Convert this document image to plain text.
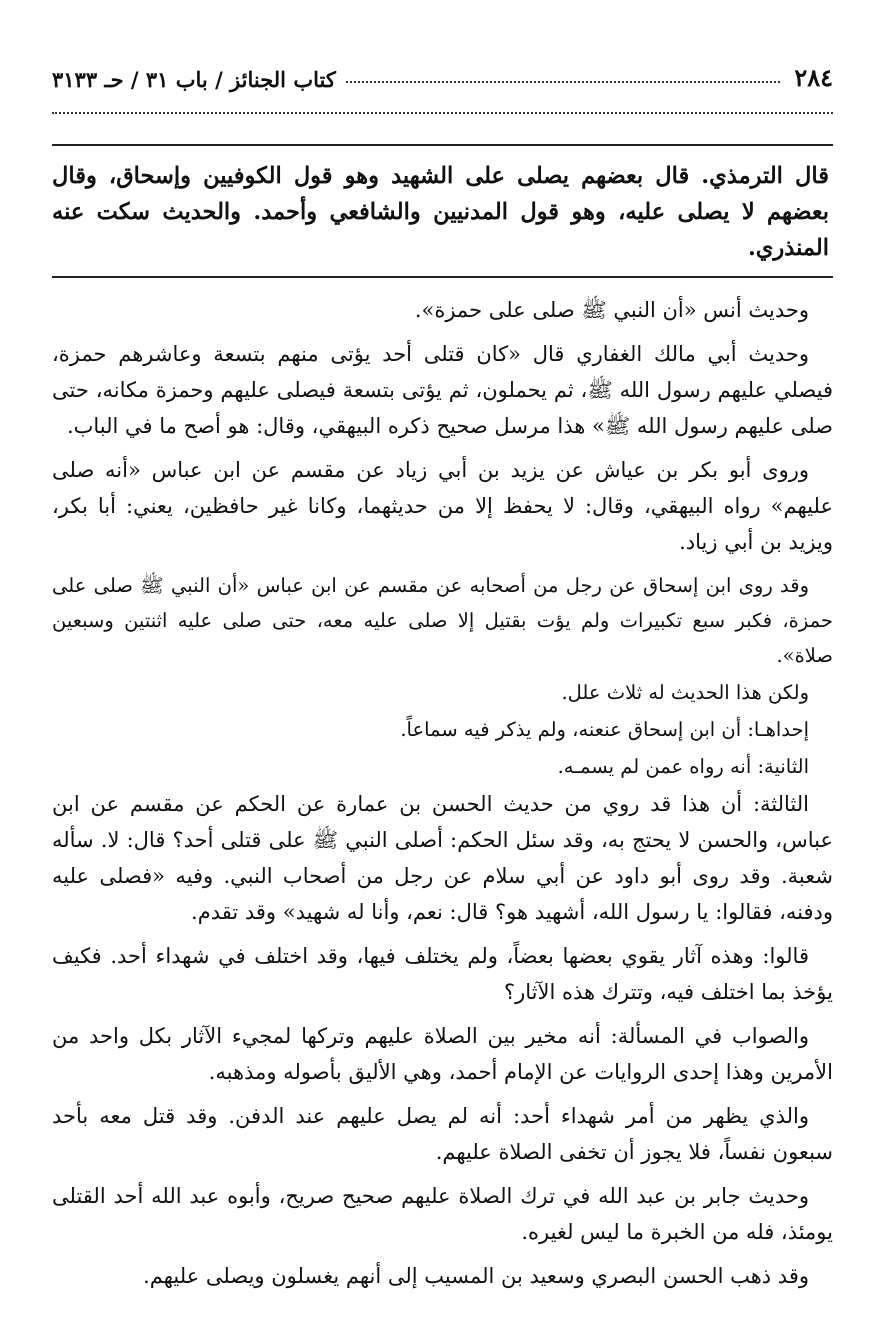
٢٨٤
كتاب الجنائز / باب ٣١ / حـ ٣١٣٣
قال الترمذي. قال بعضهم يصلى على الشهيد وهو قول الكوفيين وإسحاق، وقال بعضهم لا يصلى عليه، وهو قول المدنيين والشافعي وأحمد. والحديث سكت عنه المنذري.

وحديث أنس «أن النبي ﷺ صلى على حمزة».

وحديث أبي مالك الغفاري قال «كان قتلى أحد يؤتى منهم بتسعة وعاشرهم حمزة، فيصلي عليهم رسول الله ﷺ، ثم يحملون، ثم يؤتى بتسعة فيصلى عليهم وحمزة مكانه، حتى صلى عليهم رسول الله ﷺ» هذا مرسل صحيح ذكره البيهقي، وقال: هو أصح ما في الباب.

وروى أبو بكر بن عياش عن يزيد بن أبي زياد عن مقسم عن ابن عباس «أنه صلى عليهم» رواه البيهقي، وقال: لا يحفظ إلا من حديثهما، وكانا غير حافظين، يعني: أبا بكر، ويزيد بن أبي زياد.

وقد روى ابن إسحاق عن رجل من أصحابه عن مقسم عن ابن عباس «أن النبي ﷺ صلى على حمزة، فكبر سبع تكبيرات ولم يؤت بقتيل إلا صلى عليه معه، حتى صلى عليه اثنتين وسبعين صلاة».

ولكن هذا الحديث له ثلاث علل.

إحداهـا: أن ابن إسحاق عنعنه، ولم يذكر فيه سماعاً.

الثانية: أنه رواه عمن لم يسمـه.

الثالثة: أن هذا قد روي من حديث الحسن بن عمارة عن الحكم عن مقسم عن ابن عباس، والحسن لا يحتج به، وقد سئل الحكم: أصلى النبي ﷺ على قتلى أحد؟ قال: لا. سأله شعبة. وقد روى أبو داود عن أبي سلام عن رجل من أصحاب النبي. وفيه «فصلى عليه ودفنه، فقالوا: يا رسول الله، أشهيد هو؟ قال: نعم، وأنا له شهيد» وقد تقدم.

قالوا: وهذه آثار يقوي بعضها بعضاً، ولم يختلف فيها، وقد اختلف في شهداء أحد. فكيف يؤخذ بما اختلف فيه، وتترك هذه الآثار؟

والصواب في المسألة: أنه مخير بين الصلاة عليهم وتركها لمجيء الآثار بكل واحد من الأمرين وهذا إحدى الروايات عن الإمام أحمد، وهي الأليق بأصوله ومذهبه.

والذي يظهر من أمر شهداء أحد: أنه لم يصل عليهم عند الدفن. وقد قتل معه بأحد سبعون نفساً، فلا يجوز أن تخفى الصلاة عليهم.

وحديث جابر بن عبد الله في ترك الصلاة عليهم صحيح صريح، وأبوه عبد الله أحد القتلى يومئذ، فله من الخبرة ما ليس لغيره.

وقد ذهب الحسن البصري وسعيد بن المسيب إلى أنهم يغسلون ويصلى عليهم.
